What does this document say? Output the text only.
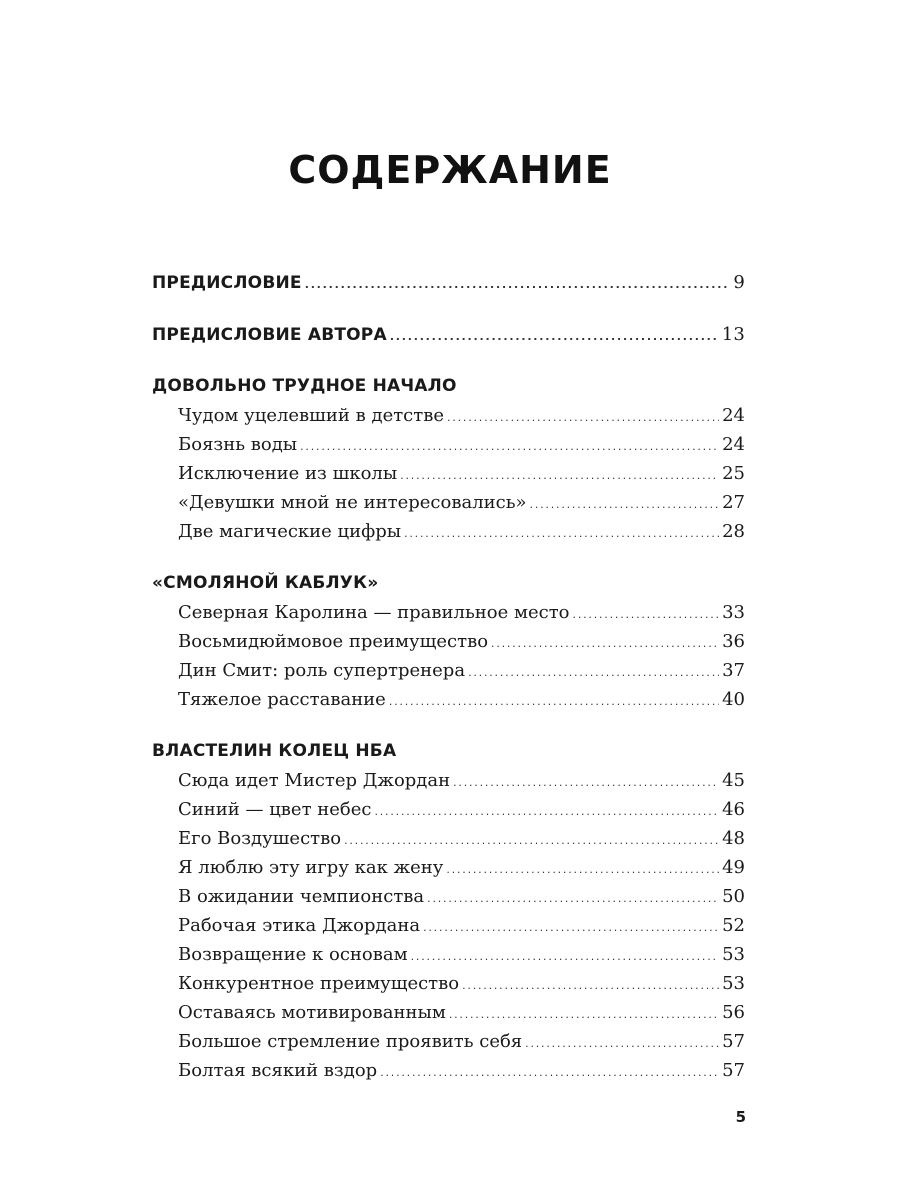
СОДЕРЖАНИЕ
ПРЕДИСЛОВИЕ .....	9
ПРЕДИСЛОВИЕ АВТОРА .....	13
ДОВОЛЬНО ТРУДНОЕ НАЧАЛО
Чудом уцелевший в детстве .....	24
Боязнь воды .....	24
Исключение из школы .....	25
«Девушки мной не интересовались» .....	27
Две магические цифры .....	28
«СМОЛЯНОЙ КАБЛУК»
Северная Каролина — правильное место .....	33
Восьмидюймовое преимущество .....	36
Дин Смит: роль супертренера .....	37
Тяжелое расставание .....	40
ВЛАСТЕЛИН КОЛЕЦ НБА
Сюда идет Мистер Джордан .....	45
Синий — цвет небес .....	46
Его Воздушество .....	48
Я люблю эту игру как жену .....	49
В ожидании чемпионства .....	50
Рабочая этика Джордана .....	52
Возвращение к основам .....	53
Конкурентное преимущество .....	53
Оставаясь мотивированным .....	56
Большое стремление проявить себя .....	57
Болтая всякий вздор .....	57
5
